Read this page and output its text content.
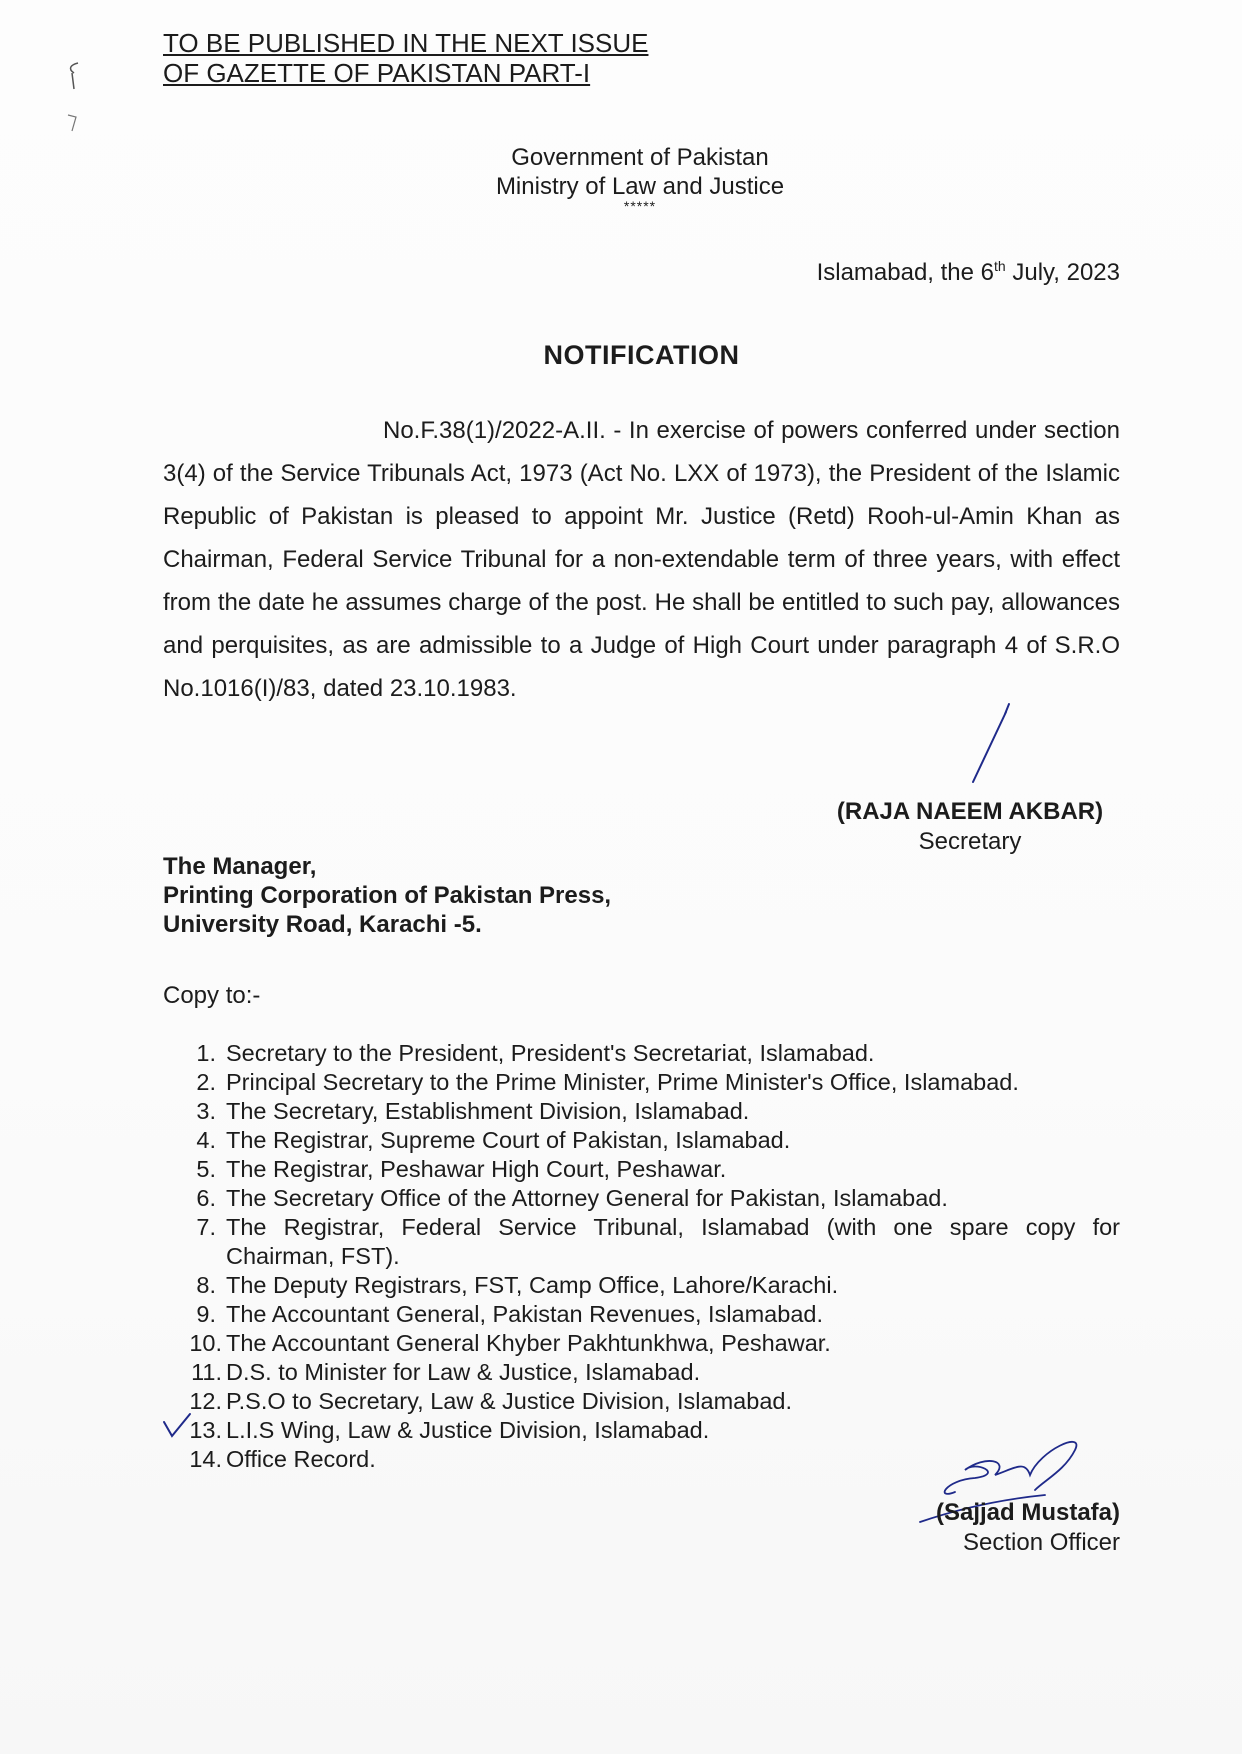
TO BE PUBLISHED IN THE NEXT ISSUE
OF GAZETTE OF PAKISTAN PART-I
Government of Pakistan
Ministry of Law and Justice
*****
Islamabad, the 6th July, 2023
NOTIFICATION
No.F.38(1)/2022-A.II. - In exercise of powers conferred under section 3(4) of the Service Tribunals Act, 1973 (Act No. LXX of 1973), the President of the Islamic Republic of Pakistan is pleased to appoint Mr. Justice (Retd) Rooh-ul-Amin Khan as Chairman, Federal Service Tribunal for a non-extendable term of three years, with effect from the date he assumes charge of the post. He shall be entitled to such pay, allowances and perquisites, as are admissible to a Judge of High Court under paragraph 4 of S.R.O No.1016(I)/83, dated 23.10.1983.
(RAJA NAEEM AKBAR)
Secretary
The Manager,
Printing Corporation of Pakistan Press,
University Road, Karachi -5.
Copy to:-
1. Secretary to the President, President's Secretariat, Islamabad.
2. Principal Secretary to the Prime Minister, Prime Minister's Office, Islamabad.
3. The Secretary, Establishment Division, Islamabad.
4. The Registrar, Supreme Court of Pakistan, Islamabad.
5. The Registrar, Peshawar High Court, Peshawar.
6. The Secretary Office of the Attorney General for Pakistan, Islamabad.
7. The Registrar, Federal Service Tribunal, Islamabad (with one spare copy for Chairman, FST).
8. The Deputy Registrars, FST, Camp Office, Lahore/Karachi.
9. The Accountant General, Pakistan Revenues, Islamabad.
10. The Accountant General Khyber Pakhtunkhwa, Peshawar.
11. D.S. to Minister for Law & Justice, Islamabad.
12. P.S.O to Secretary, Law & Justice Division, Islamabad.
13. L.I.S Wing, Law & Justice Division, Islamabad.
14. Office Record.
(Sajjad Mustafa)
Section Officer
